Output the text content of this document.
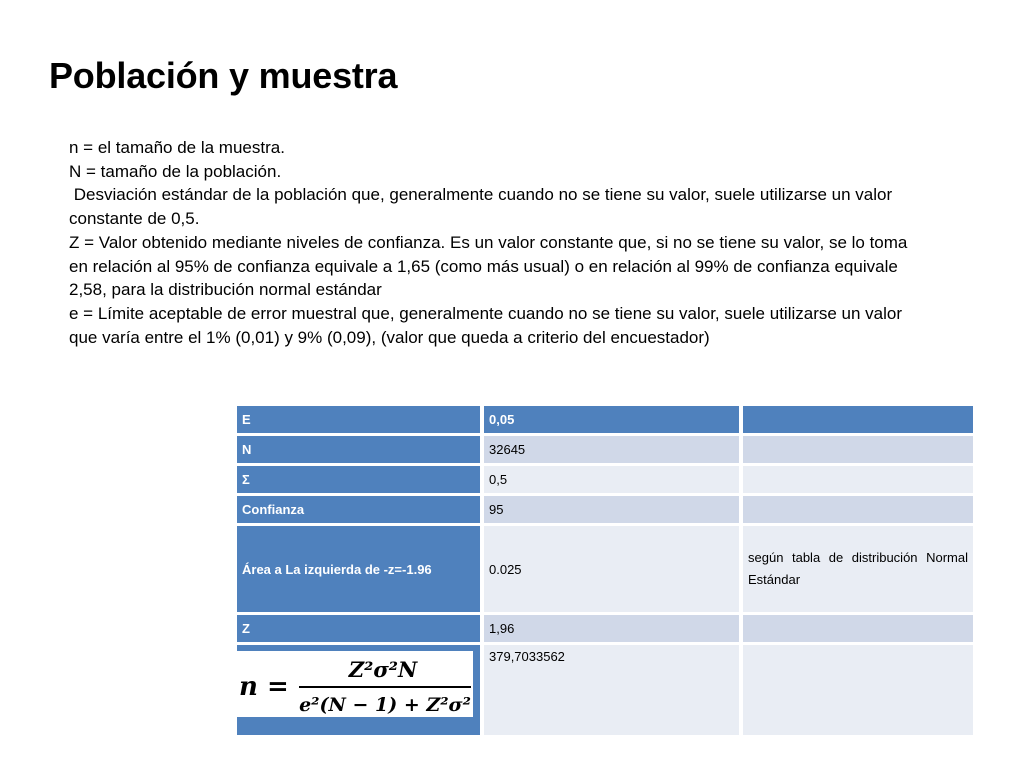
Población y muestra

n = el tamaño de la muestra.

N = tamaño de la población.

Desviación estándar de la población que, generalmente cuando no se tiene su valor, suele utilizarse un valor constante de 0,5.

Z = Valor obtenido mediante niveles de confianza. Es un valor constante que, si no se tiene su valor, se lo toma en relación al 95% de confianza equivale a 1,65 (como más usual) o en relación al 99% de confianza equivale 2,58, para la distribución normal estándar

e = Límite aceptable de error muestral que, generalmente cuando no se tiene su valor, suele utilizarse un valor que varía entre el 1% (0,01) y 9% (0,09), (valor que queda a criterio del encuestador)

E	0,05	
N	32645	
Σ	0,5	
Confianza	95	
Área a La izquierda de -z=-1.96	0.025	según tabla de distribución Normal Estándar
Z	1,96	

n =
Z²σ²N
e²(N − 1) + Z²σ²	379,7033562	
